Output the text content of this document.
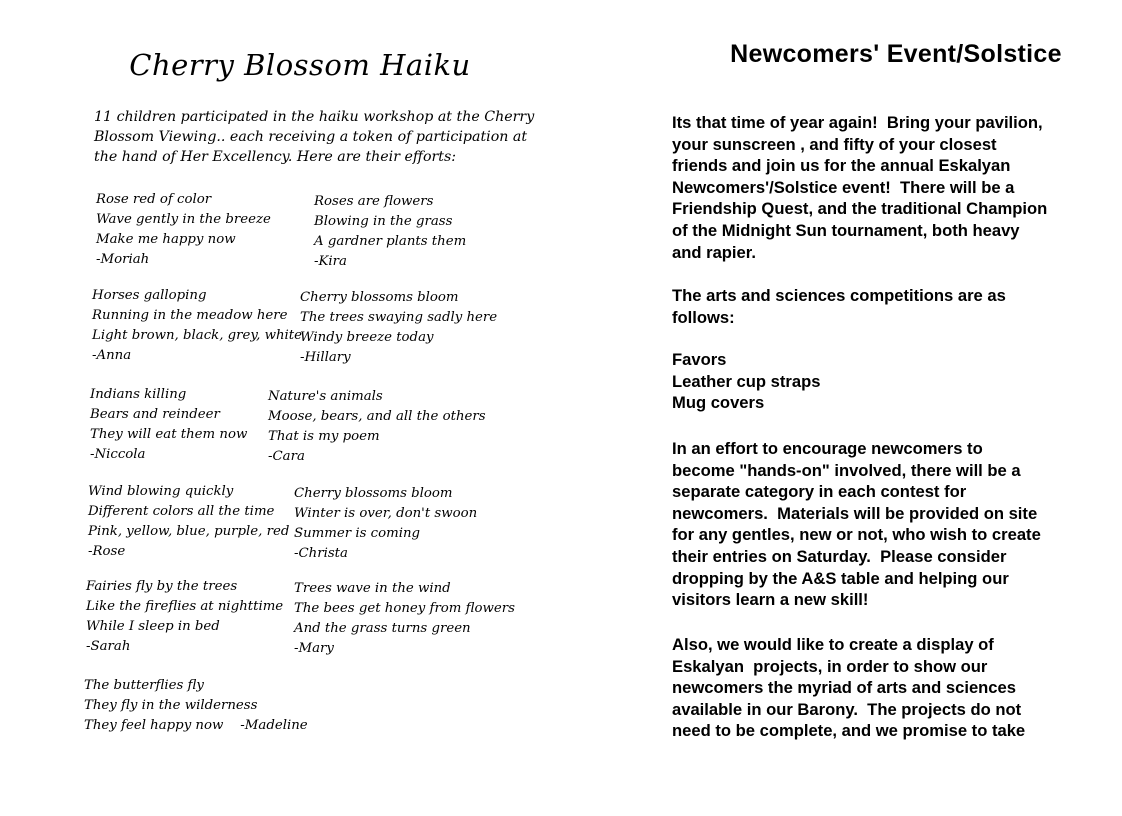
Cherry Blossom Haiku
11 children participated in the haiku workshop at the Cherry
Blossom Viewing.. each receiving a token of participation at
the hand of Her Excellency. Here are their efforts:
Rose red of color
Wave gently in the breeze
Make me happy now
-Moriah
Roses are flowers
Blowing in the grass
A gardner plants them
-Kira
Horses galloping
Running in the meadow here
Light brown, black, grey, white
-Anna
Cherry blossoms bloom
The trees swaying sadly here
Windy breeze today
-Hillary
Indians killing
Bears and reindeer
They will eat them now
-Niccola
Nature's animals
Moose, bears, and all the others
That is my poem
-Cara
Wind blowing quickly
Different colors all the time
Pink, yellow, blue, purple, red
-Rose
Cherry blossoms bloom
Winter is over, don't swoon
Summer is coming
-Christa
Fairies fly by the trees
Like the fireflies at nighttime
While I sleep in bed
-Sarah
Trees wave in the wind
The bees get honey from flowers
And the grass turns green
-Mary
The butterflies fly
They fly in the wilderness
They feel happy now    -Madeline
Newcomers' Event/Solstice
Its that time of year again!  Bring your pavilion,
your sunscreen , and fifty of your closest
friends and join us for the annual Eskalyan
Newcomers'/Solstice event!  There will be a
Friendship Quest, and the traditional Champion
of the Midnight Sun tournament, both heavy
and rapier.
The arts and sciences competitions are as
follows:
Favors
Leather cup straps
Mug covers
In an effort to encourage newcomers to
become "hands-on" involved, there will be a
separate category in each contest for
newcomers.  Materials will be provided on site
for any gentles, new or not, who wish to create
their entries on Saturday.  Please consider
dropping by the A&S table and helping our
visitors learn a new skill!
Also, we would like to create a display of
Eskalyan  projects, in order to show our
newcomers the myriad of arts and sciences
available in our Barony.  The projects do not
need to be complete, and we promise to take
